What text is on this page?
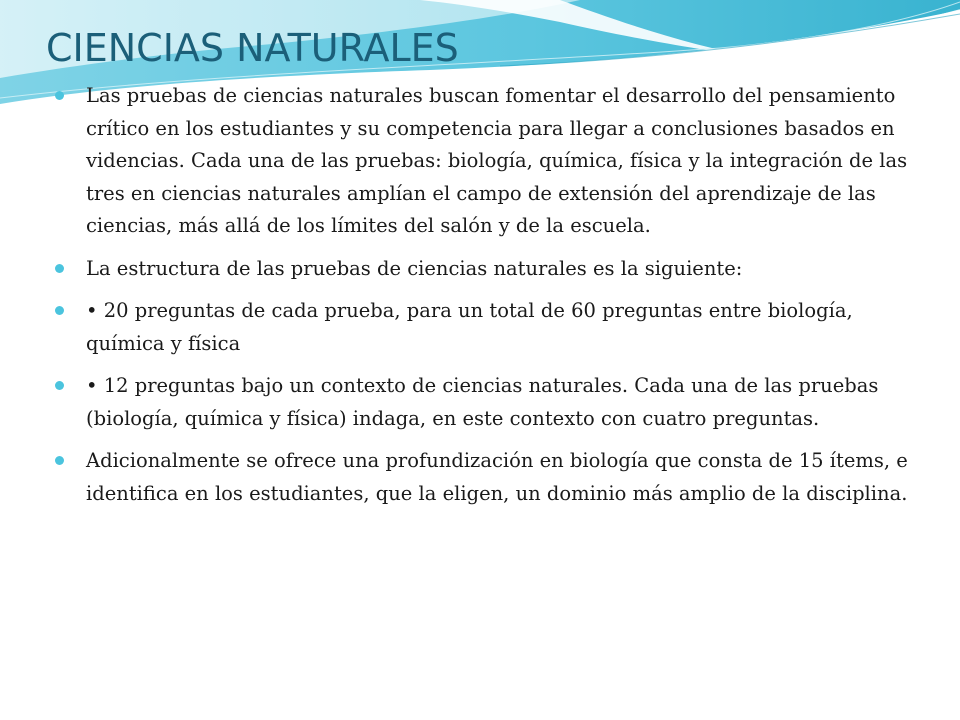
CIENCIAS NATURALES
Las pruebas de ciencias naturales buscan fomentar el desarrollo del pensamiento crítico en los estudiantes y su competencia para llegar a conclusiones basados en videncias. Cada una de las pruebas: biología, química, física y la integración de las tres en ciencias naturales amplían el campo de extensión del aprendizaje de las ciencias, más allá de los límites del salón y de la escuela.
La estructura de las pruebas de ciencias naturales es la siguiente:
• 20 preguntas de cada prueba, para un total de 60 preguntas entre biología, química y física
• 12 preguntas bajo un contexto de ciencias naturales. Cada una de las pruebas (biología, química y física) indaga, en este contexto con cuatro preguntas.
Adicionalmente se ofrece una profundización en biología que consta de 15 ítems, e identifica en los estudiantes, que la eligen, un dominio más amplio de la disciplina.
